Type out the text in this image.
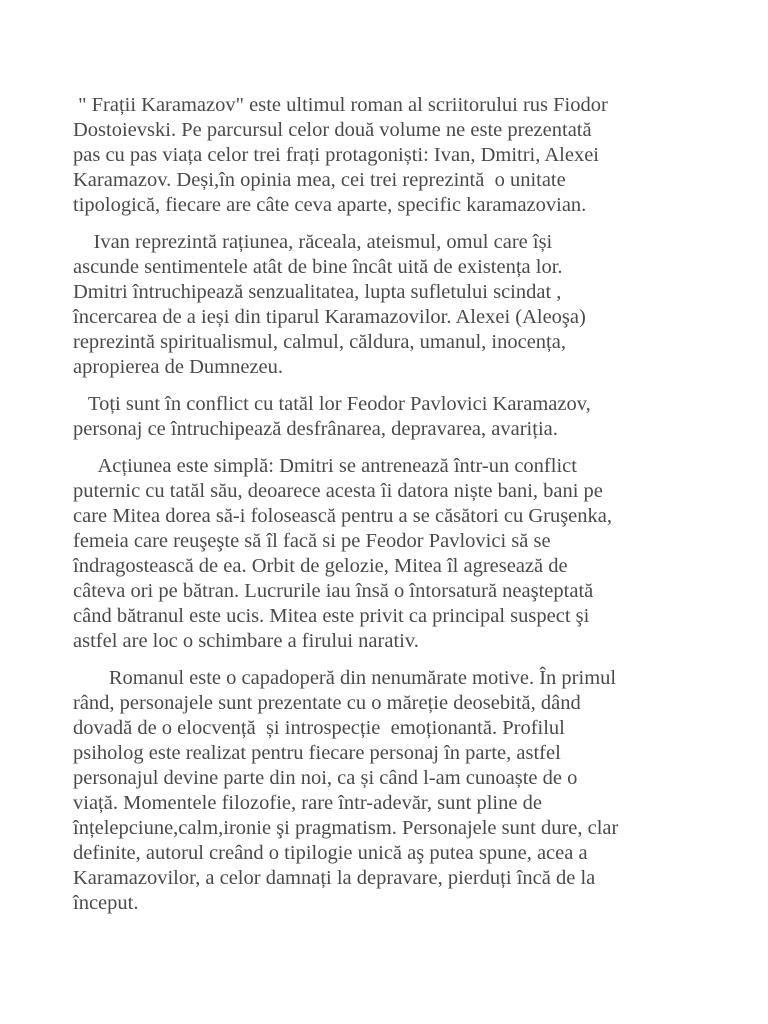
" Frații Karamazov" este ultimul roman al scriitorului rus Fiodor
Dostoievski. Pe parcursul celor două volume ne este prezentată
pas cu pas viața celor trei frați protagoniști: Ivan, Dmitri, Alexei
Karamazov. Deși,în opinia mea, cei trei reprezintă  o unitate
tipologică, fiecare are câte ceva aparte, specific karamazovian.

Ivan reprezintă rațiunea, răceala, ateismul, omul care își
ascunde sentimentele atât de bine încât uită de existența lor.
Dmitri întruchipează senzualitatea, lupta sufletului scindat ,
încercarea de a ieși din tiparul Karamazovilor. Alexei (Aleoşa)
reprezintă spiritualismul, calmul, căldura, umanul, inocența,
apropierea de Dumnezeu.

Toți sunt în conflict cu tatăl lor Feodor Pavlovici Karamazov,
personaj ce întruchipează desfrânarea, depravarea, avariția.

Acțiunea este simplă: Dmitri se antrenează într-un conflict
puternic cu tatăl său, deoarece acesta îi datora niște bani, bani pe
care Mitea dorea să-i folosească pentru a se căsători cu Gruşenka,
femeia care reuşeşte să îl facă si pe Feodor Pavlovici să se
îndragostească de ea. Orbit de gelozie, Mitea îl agresează de
câteva ori pe bătran. Lucrurile iau însă o întorsatură neaşteptată
când bătranul este ucis. Mitea este privit ca principal suspect şi
astfel are loc o schimbare a firului narativ.

Romanul este o capadoperă din nenumărate motive. În primul
rând, personajele sunt prezentate cu o măreție deosebită, dând
dovadă de o elocvență  și introspecție  emoționantă. Profilul
psiholog este realizat pentru fiecare personaj în parte, astfel
personajul devine parte din noi, ca și când l-am cunoaște de o
viață. Momentele filozofie, rare într-adevăr, sunt pline de
înțelepciune,calm,ironie şi pragmatism. Personajele sunt dure, clar
definite, autorul creând o tipilogie unică aş putea spune, acea a
Karamazovilor, a celor damnați la depravare, pierduți încă de la
început.
